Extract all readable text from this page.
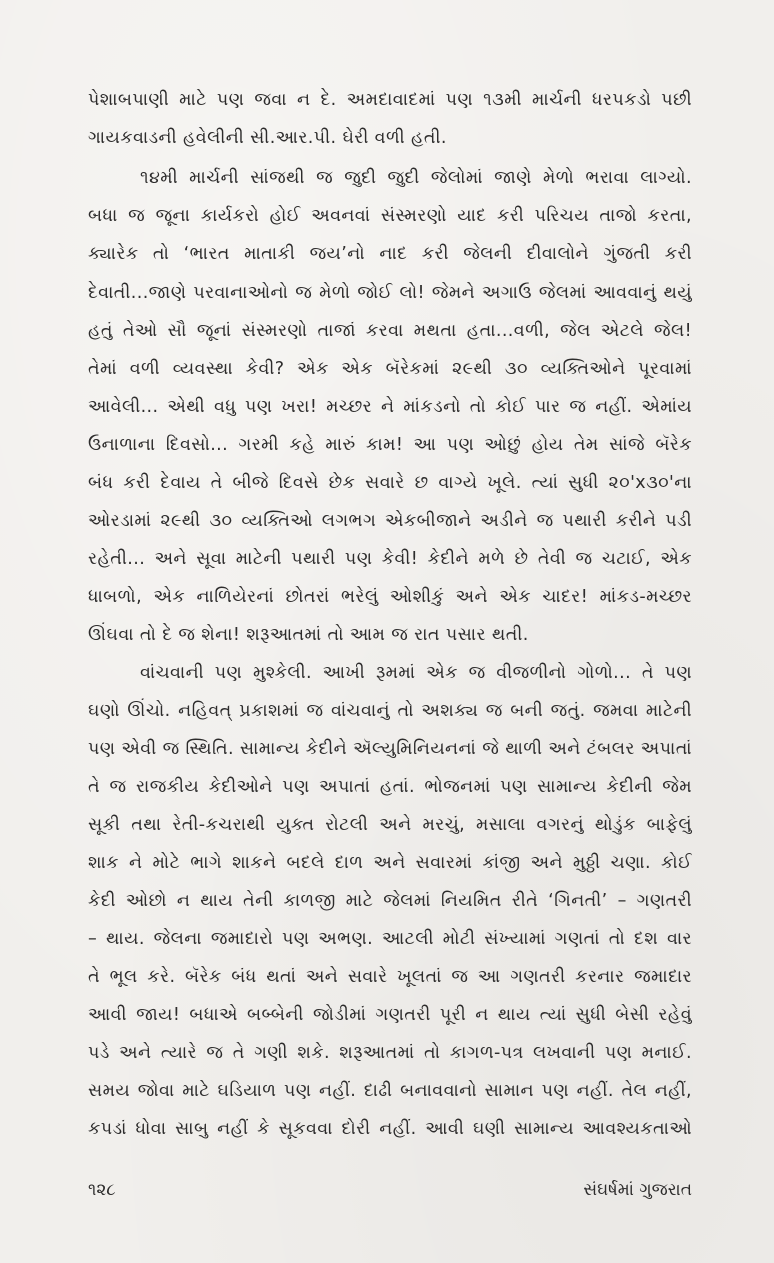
પેશાબપાણી માટે પણ જવા ન દે. અમદાવાદમાં પણ ૧૩મી માર્ચની ધરપકડો પછી
ગાયકવાડની હવેલીની સી.આર.પી. ઘેરી વળી હતી.
૧૪મી માર્ચની સાંજથી જ જુદી જુદી જેલોમાં જાણે મેળો ભરાવા લાગ્યો.
બધા જ જૂના કાર્યકરો હોઈ અવનવાં સંસ્મરણો યાદ કરી પરિચય તાજો કરતા,
ક્યારેક તો ‘ભારત માતાકી જય’નો નાદ કરી જેલની દીવાલોને ગુંજતી કરી
દેવાતી...જાણે પરવાનાઓનો જ મેળો જોઈ લો! જેમને અગાઉ જેલમાં આવવાનું થયું
હતું તેઓ સૌ જૂનાં સંસ્મરણો તાજાં કરવા મથતા હતા...વળી, જેલ એટલે જેલ!
તેમાં વળી વ્યવસ્થા કેવી? એક એક બૅરેકમાં ૨૯થી ૩૦ વ્યક્તિઓને પૂરવામાં
આવેલી... એથી વધુ પણ ખરા! મચ્છર ને માંકડનો તો કોઈ પાર જ નહીં. એમાંય
ઉનાળાના દિવસો... ગરમી કહે મારું કામ! આ પણ ઓછું હોય તેમ સાંજે બૅરેક
બંધ કરી દેવાય તે બીજે દિવસે છેક સવારે છ વાગ્યે ખૂલે. ત્યાં સુધી ૨૦'x૩૦'ના
ઓરડામાં ૨૯થી ૩૦ વ્યક્તિઓ લગભગ એકબીજાને અડીને જ પથારી કરીને પડી
રહેતી... અને સૂવા માટેની પથારી પણ કેવી! કેદીને મળે છે તેવી જ ચટાઈ, એક
ધાબળો, એક નાળિયેરનાં છોતરાં ભરેલું ઓશીકું અને એક ચાદર! માંકડ-મચ્છર
ઊંઘવા તો દે જ શેના! શરૂઆતમાં તો આમ જ રાત પસાર થતી.
વાંચવાની પણ મુશ્કેલી. આખી રૂમમાં એક જ વીજળીનો ગોળો... તે પણ
ઘણો ઊંચો. નહિવત્ પ્રકાશમાં જ વાંચવાનું તો અશક્ય જ બની જતું. જમવા માટેની
પણ એવી જ સ્થિતિ. સામાન્ય કેદીને ઍલ્યુમિનિયનનાં જે થાળી અને ટંબલર અપાતાં
તે જ રાજકીય કેદીઓને પણ અપાતાં હતાં. ભોજનમાં પણ સામાન્ય કેદીની જેમ
સૂકી તથા રેતી-કચરાથી યુક્ત રોટલી અને મરચું, મસાલા વગરનું થોડુંક બાફેલું
શાક ને મોટે ભાગે શાકને બદલે દાળ અને સવારમાં કાંજી અને મુઠ્ઠી ચણા. કોઈ
કેદી ઓછો ન થાય તેની કાળજી માટે જેલમાં નિયમિત રીતે ‘ગિનતી’ – ગણતરી
– થાય. જેલના જમાદારો પણ અભણ. આટલી મોટી સંખ્યામાં ગણતાં તો દશ વાર
તે ભૂલ કરે. બૅરેક બંધ થતાં અને સવારે ખૂલતાં જ આ ગણતરી કરનાર જમાદાર
આવી જાય! બધાએ બબ્બેની જોડીમાં ગણતરી પૂરી ન થાય ત્યાં સુધી બેસી રહેવું
પડે અને ત્યારે જ તે ગણી શકે. શરૂઆતમાં તો કાગળ-પત્ર લખવાની પણ મનાઈ.
સમય જોવા માટે ઘડિયાળ પણ નહીં. દાઢી બનાવવાનો સામાન પણ નહીં. તેલ નહીં,
કપડાં ધોવા સાબુ નહીં કે સૂકવવા દોરી નહીં. આવી ઘણી સામાન્ય આવશ્યકતાઓ
૧૨૮	સંઘર્ષમાં ગુજરાત
